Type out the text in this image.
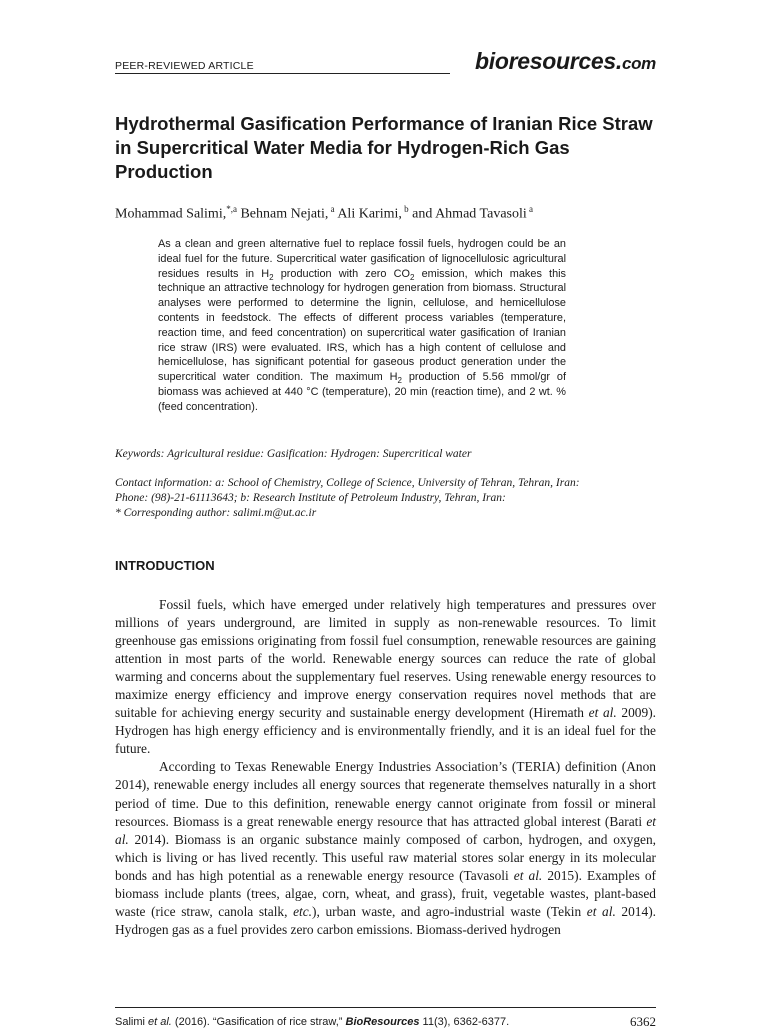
PEER-REVIEWED ARTICLE	bioresources.com
Hydrothermal Gasification Performance of Iranian Rice Straw in Supercritical Water Media for Hydrogen-Rich Gas Production
Mohammad Salimi,$^{*,a}$ Behnam Nejati, $^a$ Ali Karimi, $^b$ and Ahmad Tavasoli $^a$

As a clean and green alternative fuel to replace fossil fuels, hydrogen could be an ideal fuel for the future. Supercritical water gasification of lignocellulosic agricultural residues results in $H_2$ production with zero $CO_2$ emission, which makes this technique an attractive technology for hydrogen generation from biomass. Structural analyses were performed to determine the lignin, cellulose, and hemicellulose contents in feedstock. The effects of different process variables (temperature, reaction time, and feed concentration) on supercritical water gasification of Iranian rice straw (IRS) were evaluated. IRS, which has a high content of cellulose and hemicellulose, has significant potential for gaseous product generation under the supercritical water condition. The maximum $H_2$ production of 5.56 mmol/gr of biomass was achieved at 440 °C (temperature), 20 min (reaction time), and 2 wt. % (feed concentration).

Keywords: Agricultural residue: Gasification: Hydrogen: Supercritical water
Contact information: a: School of Chemistry, College of Science, University of Tehran, Tehran, Iran:
Phone: (98)-21-61113643; b: Research Institute of Petroleum Industry, Tehran, Iran:
* Corresponding author: salimi.m@ut.ac.ir
INTRODUCTION

Fossil fuels, which have emerged under relatively high temperatures and pressures over millions of years underground, are limited in supply as non-renewable resources. To limit greenhouse gas emissions originating from fossil fuel consumption, renewable resources are gaining attention in most parts of the world. Renewable energy sources can reduce the rate of global warming and concerns about the supplementary fuel reserves. Using renewable energy resources to maximize energy efficiency and improve energy conservation requires novel methods that are suitable for achieving energy security and sustainable energy development (Hiremath et al. 2009). Hydrogen has high energy efficiency and is environmentally friendly, and it is an ideal fuel for the future.

According to Texas Renewable Energy Industries Association’s (TERIA) definition (Anon 2014), renewable energy includes all energy sources that regenerate themselves naturally in a short period of time. Due to this definition, renewable energy cannot originate from fossil or mineral resources. Biomass is a great renewable energy resource that has attracted global interest (Barati et al. 2014). Biomass is an organic substance mainly composed of carbon, hydrogen, and oxygen, which is living or has lived recently. This useful raw material stores solar energy in its molecular bonds and has high potential as a renewable energy resource (Tavasoli et al. 2015). Examples of biomass include plants (trees, algae, corn, wheat, and grass), fruit, vegetable wastes, plant-based waste (rice straw, canola stalk, etc.), urban waste, and agro-industrial waste (Tekin et al. 2014). Hydrogen gas as a fuel provides zero carbon emissions. Biomass-derived hydrogen

Salimi et al. (2016). “Gasification of rice straw,” BioResources 11(3), 6362-6377.	6362
